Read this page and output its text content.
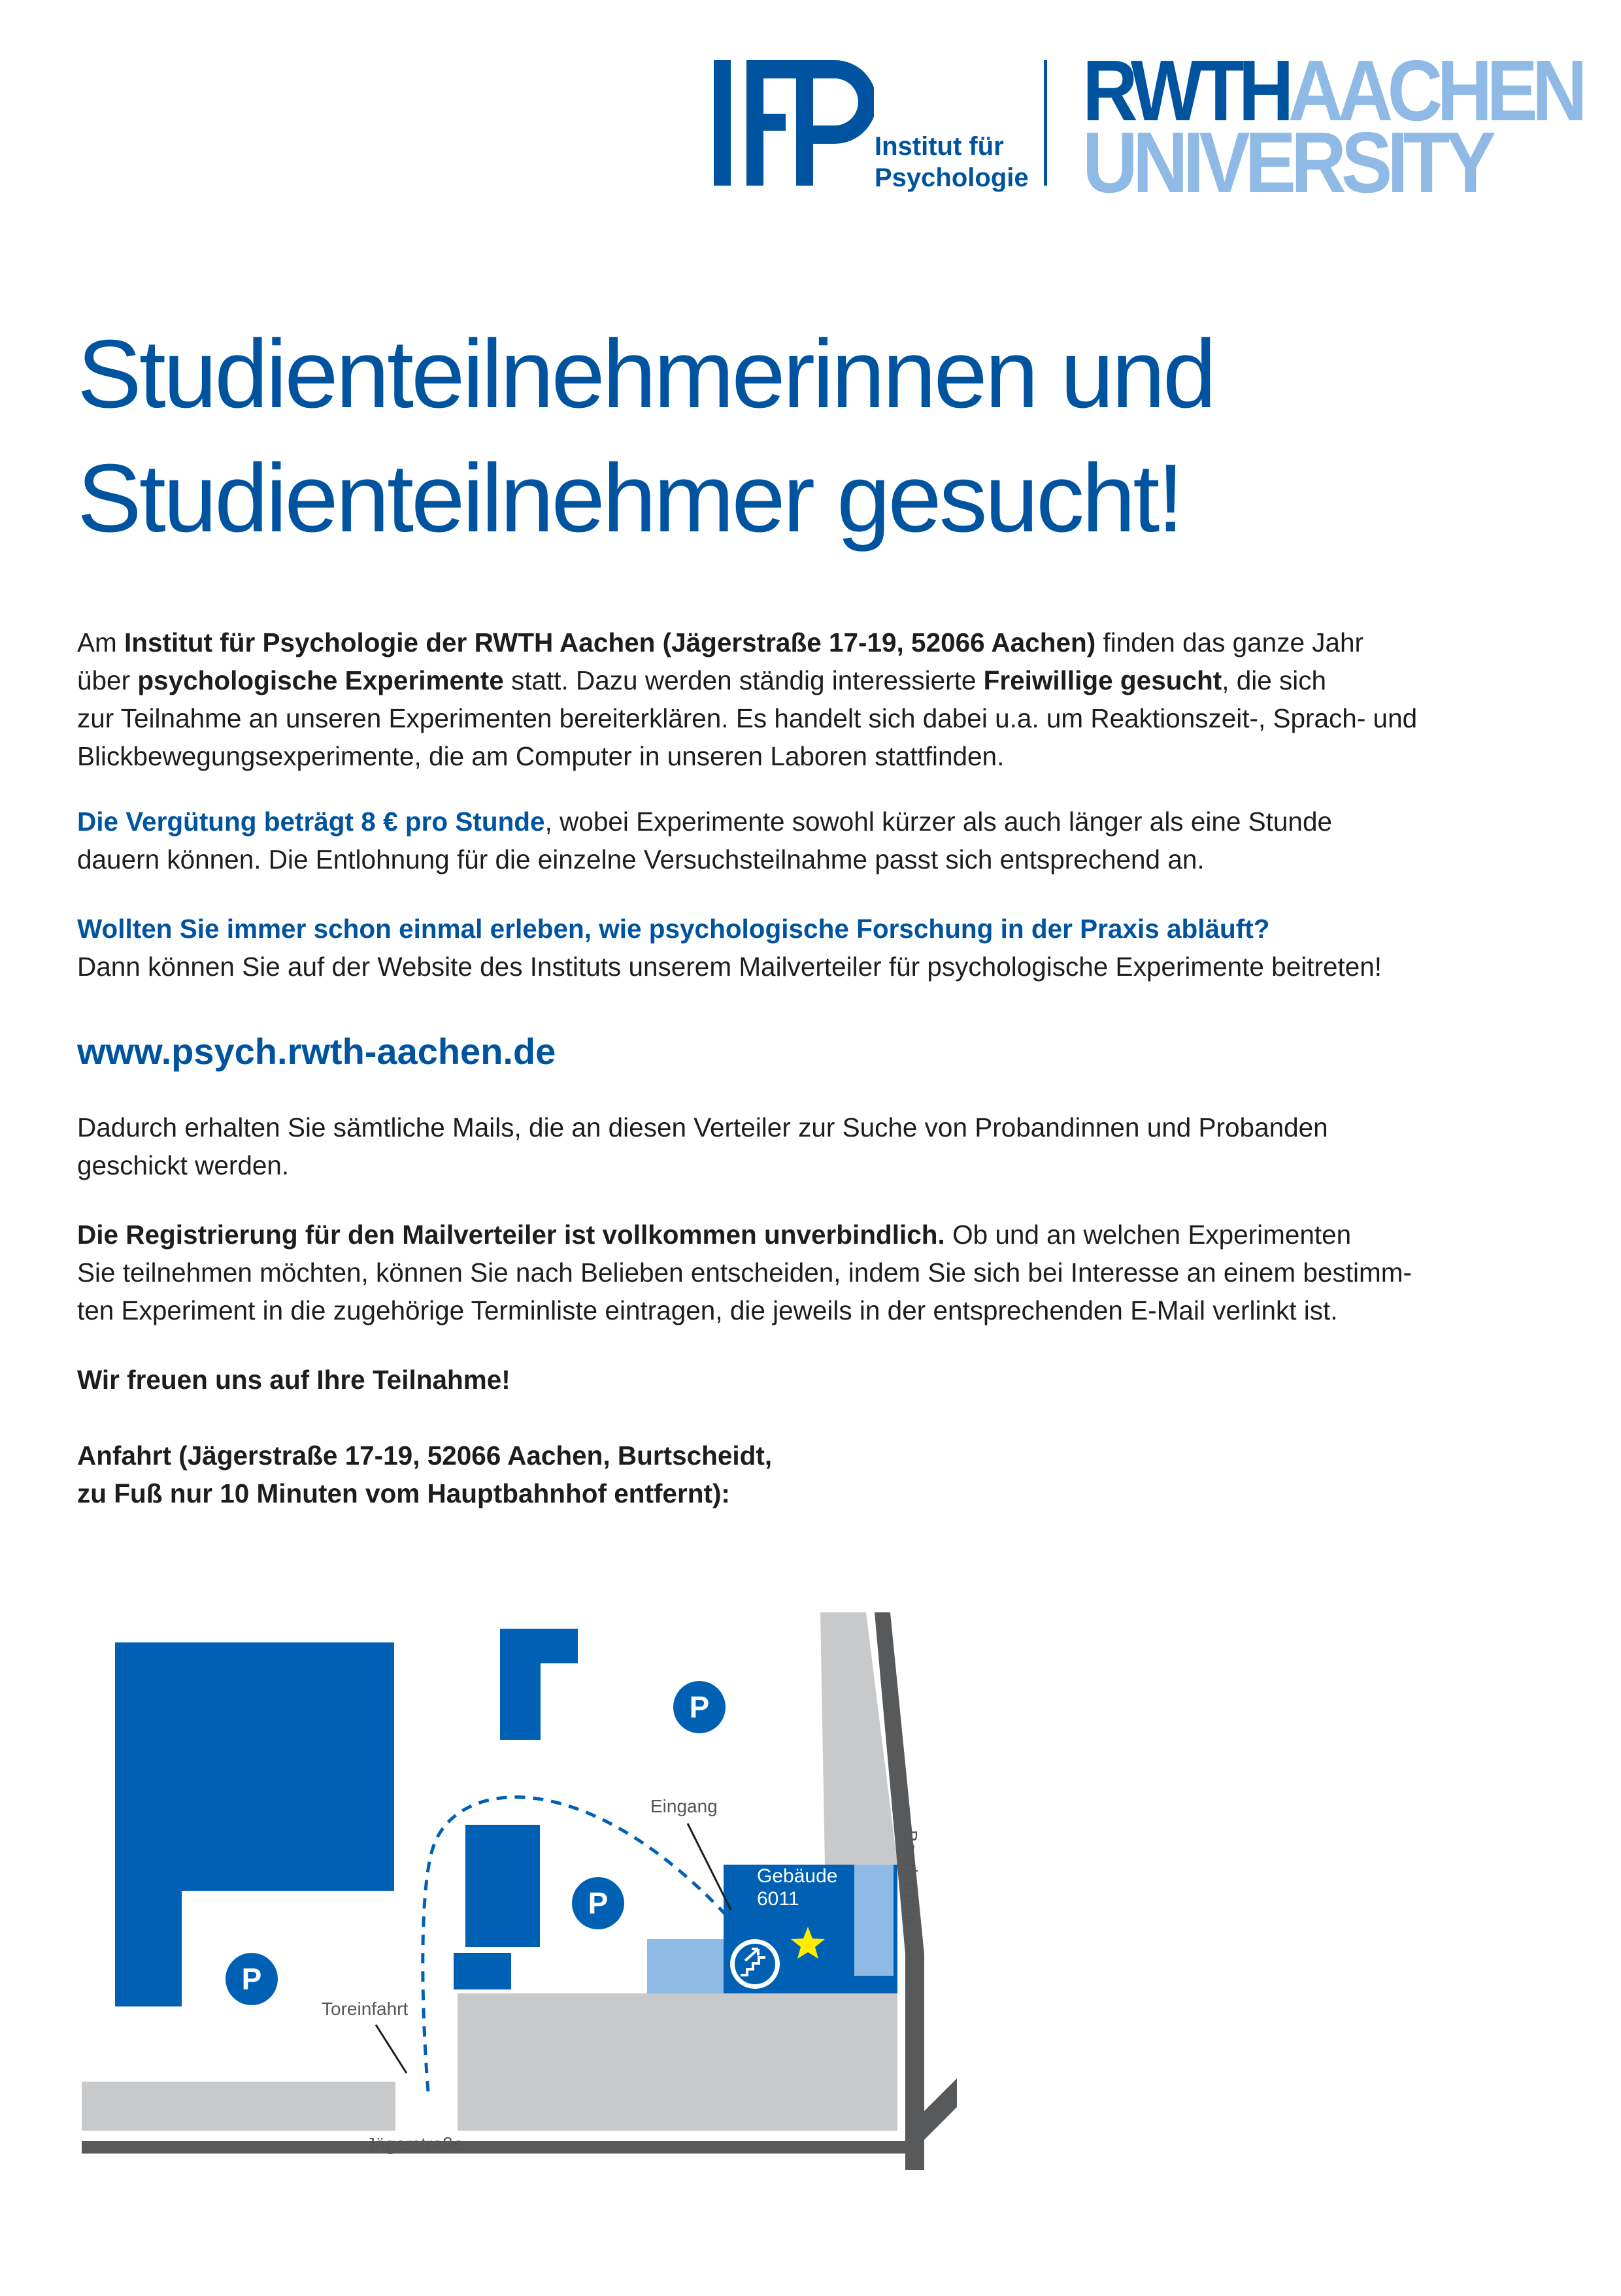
Institut für
Psychologie
RWTHAACHEN
UNIVERSITY
Studienteilnehmerinnen und
Studienteilnehmer gesucht!

Am Institut für Psychologie der RWTH Aachen (Jägerstraße 17-19, 52066 Aachen) finden das ganze Jahr

über psychologische Experimente statt. Dazu werden ständig interessierte Freiwillige gesucht, die sich

zur Teilnahme an unseren Experimenten bereiterklären. Es handelt sich dabei u.a. um Reaktionszeit-, Sprach- und

Blickbewegungsexperimente, die am Computer in unseren Laboren stattfinden.

Die Vergütung beträgt 8 € pro Stunde, wobei Experimente sowohl kürzer als auch länger als eine Stunde

dauern können. Die Entlohnung für die einzelne Versuchsteilnahme passt sich entsprechend an.

Wollten Sie immer schon einmal erleben, wie psychologische Forschung in der Praxis abläuft?

Dann können Sie auf der Website des Instituts unserem Mailverteiler für psychologische Experimente beitreten!

www.psych.rwth-aachen.de

Dadurch erhalten Sie sämtliche Mails, die an diesen Verteiler zur Suche von Probandinnen und Probanden

geschickt werden.

Die Registrierung für den Mailverteiler ist vollkommen unverbindlich. Ob und an welchen Experimenten

Sie teilnehmen möchten, können Sie nach Belieben entscheiden, indem Sie sich bei Interesse an einem bestimm-

ten Experiment in die zugehörige Terminliste eintragen, die jeweils in der entsprechenden E-Mail verlinkt ist.

Wir freuen uns auf Ihre Teilnahme!

Anfahrt (Jägerstraße 17-19, 52066 Aachen, Burtscheidt,

zu Fuß nur 10 Minuten vom Hauptbahnhof entfernt):

P
P
P
Eingang
Gebäude
6011
Toreinfahrt
Jägerstraße
Bendstraße
